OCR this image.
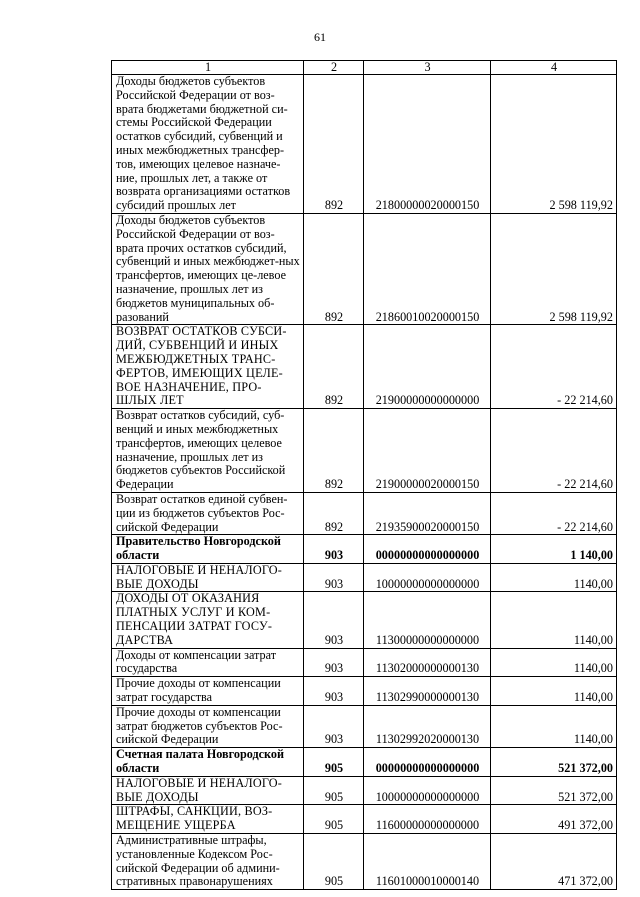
61
1	2	3	4
Доходы бюджетов субъектов Российской Федерации от воз-врата бюджетами бюджетной си-стемы Российской Федерации остатков субсидий, субвенций и иных межбюджетных трансфер-тов, имеющих целевое назначе-ние, прошлых лет, а также от возврата организациями остатков субсидий прошлых лет	892	21800000020000150	2 598 119,92
Доходы бюджетов субъектов Российской Федерации от воз-врата прочих остатков субсидий, субвенций и иных межбюджет-ных трансфертов, имеющих це-левое назначение, прошлых лет из бюджетов муниципальных об-разований	892	21860010020000150	2 598 119,92
ВОЗВРАТ ОСТАТКОВ СУБСИ-ДИЙ, СУБВЕНЦИЙ И ИНЫХ МЕЖБЮДЖЕТНЫХ ТРАНС-ФЕРТОВ, ИМЕЮЩИХ ЦЕЛЕ-ВОЕ НАЗНАЧЕНИЕ, ПРО-ШЛЫХ ЛЕТ	892	21900000000000000	- 22 214,60
Возврат остатков субсидий, суб-венций и иных межбюджетных трансфертов, имеющих целевое назначение, прошлых лет из бюджетов субъектов Российской Федерации	892	21900000020000150	- 22 214,60
Возврат остатков единой субвен-ции из бюджетов субъектов Рос-сийской Федерации	892	21935900020000150	- 22 214,60
Правительство Новгородской области	903	00000000000000000	1 140,00
НАЛОГОВЫЕ И НЕНАЛОГО-ВЫЕ ДОХОДЫ	903	10000000000000000	1140,00
ДОХОДЫ ОТ ОКАЗАНИЯ ПЛАТНЫХ УСЛУГ И КОМ-ПЕНСАЦИИ ЗАТРАТ ГОСУ-ДАРСТВА	903	11300000000000000	1140,00
Доходы от компенсации затрат государства	903	11302000000000130	1140,00
Прочие доходы от компенсации затрат государства	903	11302990000000130	1140,00
Прочие доходы от компенсации затрат бюджетов субъектов Рос-сийской Федерации	903	11302992020000130	1140,00
Счетная палата Новгородской области	905	00000000000000000	521 372,00
НАЛОГОВЫЕ И НЕНАЛОГО-ВЫЕ ДОХОДЫ	905	10000000000000000	521 372,00
ШТРАФЫ, САНКЦИИ, ВОЗ-МЕЩЕНИЕ УЩЕРБА	905	11600000000000000	491 372,00
Административные штрафы, установленные Кодексом Рос-сийской Федерации об админи-стративных правонарушениях	905	11601000010000140	471 372,00
